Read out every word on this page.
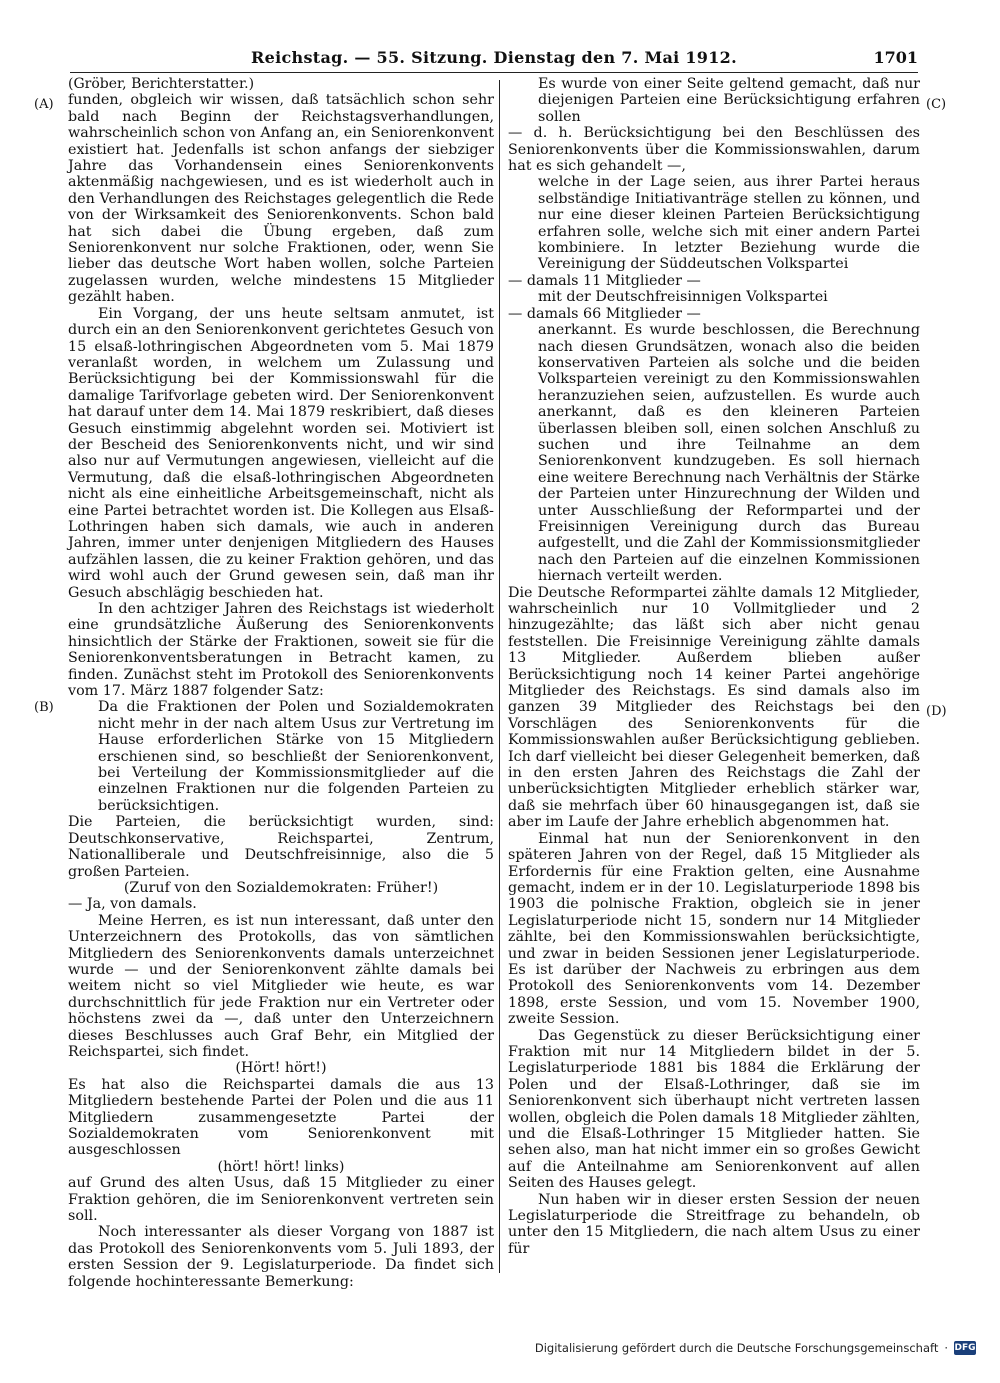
Reichstag. — 55. Sitzung. Dienstag den 7. Mai 1912.	1701
(A)
(B)
(C)
(D)

(Gröber, Berichterstatter.)

funden, obgleich wir wissen, daß tatsächlich schon sehr bald nach Beginn der Reichstagsverhandlungen, wahrscheinlich schon von Anfang an, ein Seniorenkonvent existiert hat. Jedenfalls ist schon anfangs der siebziger Jahre das Vorhandensein eines Seniorenkonvents aktenmäßig nachgewiesen, und es ist wiederholt auch in den Verhandlungen des Reichstages gelegentlich die Rede von der Wirksamkeit des Seniorenkonvents. Schon bald hat sich dabei die Übung ergeben, daß zum Seniorenkonvent nur solche Fraktionen, oder, wenn Sie lieber das deutsche Wort haben wollen, solche Parteien zugelassen wurden, welche mindestens 15 Mitglieder gezählt haben.

Ein Vorgang, der uns heute seltsam anmutet, ist durch ein an den Seniorenkonvent gerichtetes Gesuch von 15 elsaß-lothringischen Abgeordneten vom 5. Mai 1879 veranlaßt worden, in welchem um Zulassung und Berücksichtigung bei der Kommissionswahl für die damalige Tarifvorlage gebeten wird. Der Seniorenkonvent hat darauf unter dem 14. Mai 1879 reskribiert, daß dieses Gesuch einstimmig abgelehnt worden sei. Motiviert ist der Bescheid des Seniorenkonvents nicht, und wir sind also nur auf Vermutungen angewiesen, vielleicht auf die Vermutung, daß die elsaß-lothringischen Abgeordneten nicht als eine einheitliche Arbeitsgemeinschaft, nicht als eine Partei betrachtet worden ist. Die Kollegen aus Elsaß-Lothringen haben sich damals, wie auch in anderen Jahren, immer unter denjenigen Mitgliedern des Hauses aufzählen lassen, die zu keiner Fraktion gehören, und das wird wohl auch der Grund gewesen sein, daß man ihr Gesuch abschlägig beschieden hat.

In den achtziger Jahren des Reichstags ist wiederholt eine grundsätzliche Äußerung des Seniorenkonvents hinsichtlich der Stärke der Fraktionen, soweit sie für die Seniorenkonventsberatungen in Betracht kamen, zu finden. Zunächst steht im Protokoll des Seniorenkonvents vom 17. März 1887 folgender Satz:

Da die Fraktionen der Polen und Sozialdemokraten nicht mehr in der nach altem Usus zur Vertretung im Hause erforderlichen Stärke von 15 Mitgliedern erschienen sind, so beschließt der Seniorenkonvent, bei Verteilung der Kommissionsmitglieder auf die einzelnen Fraktionen nur die folgenden Parteien zu berücksichtigen.

Die Parteien, die berücksichtigt wurden, sind: Deutschkonservative, Reichspartei, Zentrum, Nationalliberale und Deutschfreisinnige, also die 5 großen Parteien.

(Zuruf von den Sozialdemokraten: Früher!)

— Ja, von damals.

Meine Herren, es ist nun interessant, daß unter den Unterzeichnern des Protokolls, das von sämtlichen Mitgliedern des Seniorenkonvents damals unterzeichnet wurde — und der Seniorenkonvent zählte damals bei weitem nicht so viel Mitglieder wie heute, es war durchschnittlich für jede Fraktion nur ein Vertreter oder höchstens zwei da —, daß unter den Unterzeichnern dieses Beschlusses auch Graf Behr, ein Mitglied der Reichspartei, sich findet.

(Hört! hört!)

Es hat also die Reichspartei damals die aus 13 Mitgliedern bestehende Partei der Polen und die aus 11 Mitgliedern zusammengesetzte Partei der Sozialdemokraten vom Seniorenkonvent mit ausgeschlossen

(hört! hört! links)

auf Grund des alten Usus, daß 15 Mitglieder zu einer Fraktion gehören, die im Seniorenkonvent vertreten sein soll.

Noch interessanter als dieser Vorgang von 1887 ist das Protokoll des Seniorenkonvents vom 5. Juli 1893, der ersten Session der 9. Legislaturperiode. Da findet sich folgende hochinteressante Bemerkung:

Es wurde von einer Seite geltend gemacht, daß nur diejenigen Parteien eine Berücksichtigung erfahren sollen

— d. h. Berücksichtigung bei den Beschlüssen des Seniorenkonvents über die Kommissionswahlen, darum hat es sich gehandelt —,

welche in der Lage seien, aus ihrer Partei heraus selbständige Initiativanträge stellen zu können, und nur eine dieser kleinen Parteien Berücksichtigung erfahren solle, welche sich mit einer andern Partei kombiniere. In letzter Beziehung wurde die Vereinigung der Süddeutschen Volkspartei

— damals 11 Mitglieder —

mit der Deutschfreisinnigen Volkspartei

— damals 66 Mitglieder —

anerkannt. Es wurde beschlossen, die Berechnung nach diesen Grundsätzen, wonach also die beiden konservativen Parteien als solche und die beiden Volksparteien vereinigt zu den Kommissionswahlen heranzuziehen seien, aufzustellen. Es wurde auch anerkannt, daß es den kleineren Parteien überlassen bleiben soll, einen solchen Anschluß zu suchen und ihre Teilnahme an dem Seniorenkonvent kundzugeben. Es soll hiernach eine weitere Berechnung nach Verhältnis der Stärke der Parteien unter Hinzurechnung der Wilden und unter Ausschließung der Reformpartei und der Freisinnigen Vereinigung durch das Bureau aufgestellt, und die Zahl der Kommissionsmitglieder nach den Parteien auf die einzelnen Kommissionen hiernach verteilt werden.

Die Deutsche Reformpartei zählte damals 12 Mitglieder, wahrscheinlich nur 10 Vollmitglieder und 2 hinzugezählte; das läßt sich aber nicht genau feststellen. Die Freisinnige Vereinigung zählte damals 13 Mitglieder. Außerdem blieben außer Berücksichtigung noch 14 keiner Partei angehörige Mitglieder des Reichstags. Es sind damals also im ganzen 39 Mitglieder des Reichstags bei den Vorschlägen des Seniorenkonvents für die Kommissionswahlen außer Berücksichtigung geblieben. Ich darf vielleicht bei dieser Gelegenheit bemerken, daß in den ersten Jahren des Reichstags die Zahl der unberücksichtigten Mitglieder erheblich stärker war, daß sie mehrfach über 60 hinausgegangen ist, daß sie aber im Laufe der Jahre erheblich abgenommen hat.

Einmal hat nun der Seniorenkonvent in den späteren Jahren von der Regel, daß 15 Mitglieder als Erfordernis für eine Fraktion gelten, eine Ausnahme gemacht, indem er in der 10. Legislaturperiode 1898 bis 1903 die polnische Fraktion, obgleich sie in jener Legislaturperiode nicht 15, sondern nur 14 Mitglieder zählte, bei den Kommissionswahlen berücksichtigte, und zwar in beiden Sessionen jener Legislaturperiode. Es ist darüber der Nachweis zu erbringen aus dem Protokoll des Seniorenkonvents vom 14. Dezember 1898, erste Session, und vom 15. November 1900, zweite Session.

Das Gegenstück zu dieser Berücksichtigung einer Fraktion mit nur 14 Mitgliedern bildet in der 5. Legislaturperiode 1881 bis 1884 die Erklärung der Polen und der Elsaß-Lothringer, daß sie im Seniorenkonvent sich überhaupt nicht vertreten lassen wollen, obgleich die Polen damals 18 Mitglieder zählten, und die Elsaß-Lothringer 15 Mitglieder hatten. Sie sehen also, man hat nicht immer ein so großes Gewicht auf die Anteilnahme am Seniorenkonvent auf allen Seiten des Hauses gelegt.

Nun haben wir in dieser ersten Session der neuen Legislaturperiode die Streitfrage zu behandeln, ob unter den 15 Mitgliedern, die nach altem Usus zu einer für

Digitalisierung gefördert durch die Deutsche Forschungsgemeinschaft · DFG
